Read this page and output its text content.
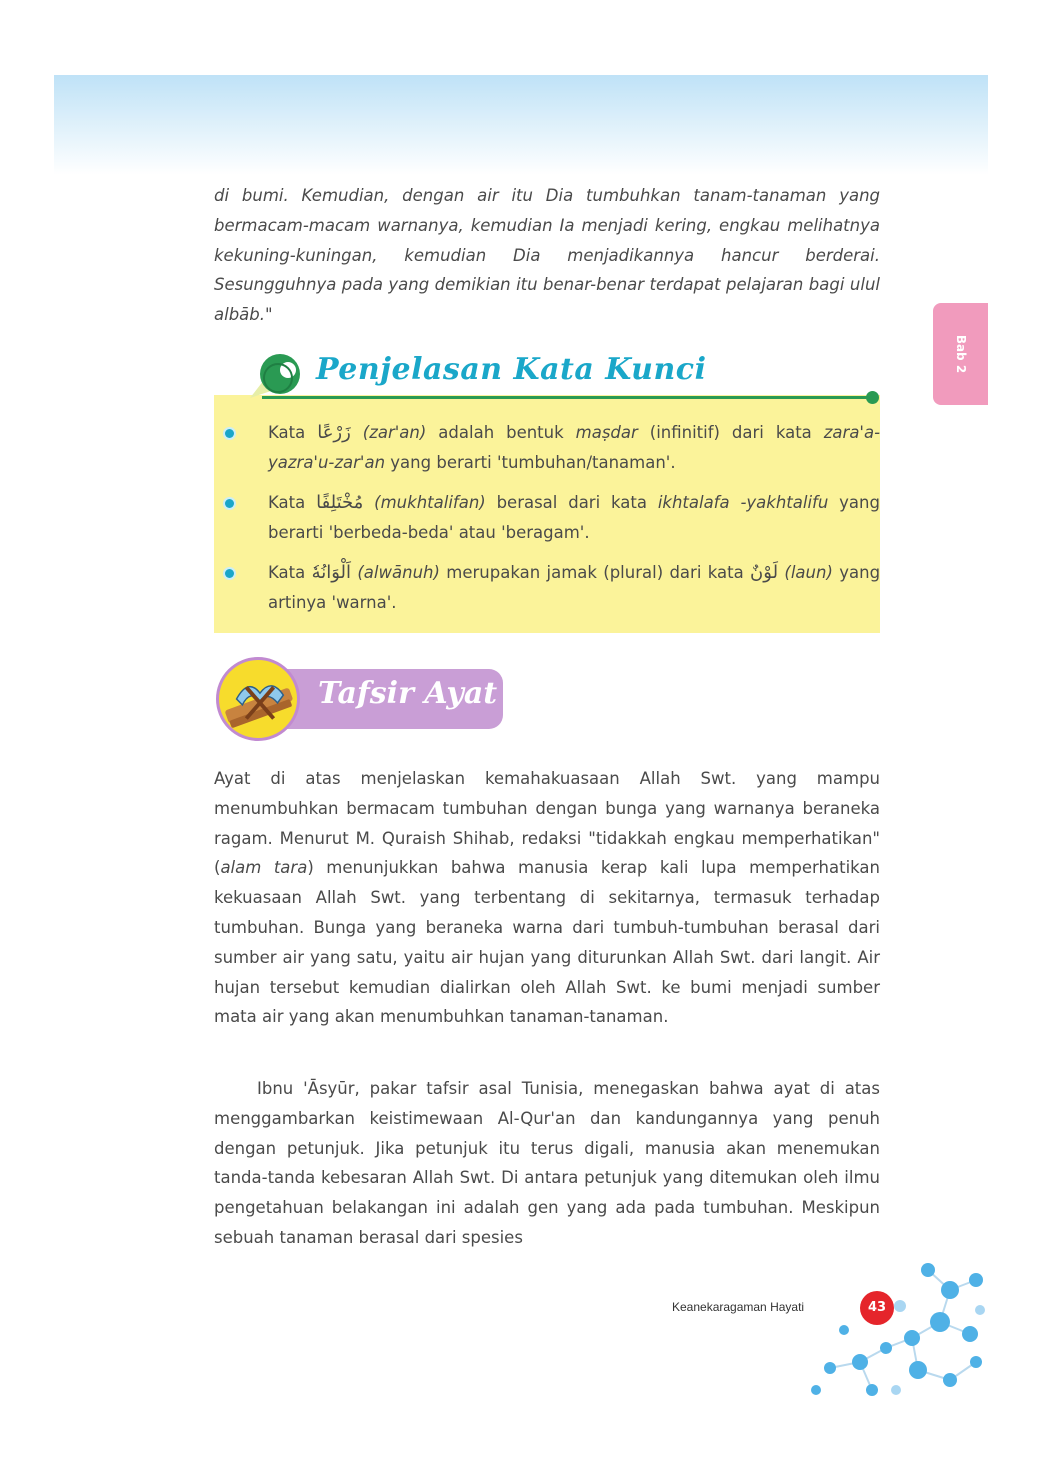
Bab 2

di bumi. Kemudian, dengan air itu Dia tumbuhkan tanam-tanaman yang bermacam-macam warnanya, kemudian Ia menjadi kering, engkau melihatnya kekuning-kuningan, kemudian Dia menjadikannya hancur berderai. Sesungguhnya pada yang demikian itu benar-benar terdapat pelajaran bagi ulul albāb."

Penjelasan Kata Kunci
Kata زَرْعًا (zar'an) adalah bentuk maṣdar (infinitif) dari kata zara'a-yazra'u-zar'an yang berarti 'tumbuhan/tanaman'.
Kata مُخْتَلِفًا (mukhtalifan) berasal dari kata ikhtalafa -yakhtalifu yang berarti 'berbeda-beda' atau 'beragam'.
Kata اَلْوَانُهٗ (alwānuh) merupakan jamak (plural) dari kata لَوْنٌ (laun) yang artinya 'warna'.
Tafsir Ayat

Ayat di atas menjelaskan kemahakuasaan Allah Swt. yang mampu menumbuhkan bermacam tumbuhan dengan bunga yang warnanya beraneka ragam. Menurut M. Quraish Shihab, redaksi "tidakkah engkau memperhatikan" (alam tara) menunjukkan bahwa manusia kerap kali lupa memperhatikan kekuasaan Allah Swt. yang terbentang di sekitarnya, termasuk terhadap tumbuhan. Bunga yang beraneka warna dari tumbuh-tumbuhan berasal dari sumber air yang satu, yaitu air hujan yang diturunkan Allah Swt. dari langit. Air hujan tersebut kemudian dialirkan oleh Allah Swt. ke bumi menjadi sumber mata air yang akan menumbuhkan tanaman-tanaman.

Ibnu 'Āsyūr, pakar tafsir asal Tunisia, menegaskan bahwa ayat di atas menggambarkan keistimewaan Al-Qur'an dan kandungannya yang penuh dengan petunjuk. Jika petunjuk itu terus digali, manusia akan menemukan tanda-tanda kebesaran Allah Swt. Di antara petunjuk yang ditemukan oleh ilmu pengetahuan belakangan ini adalah gen yang ada pada tumbuhan. Meskipun sebuah tanaman berasal dari spesies

Keanekaragaman Hayati	43
